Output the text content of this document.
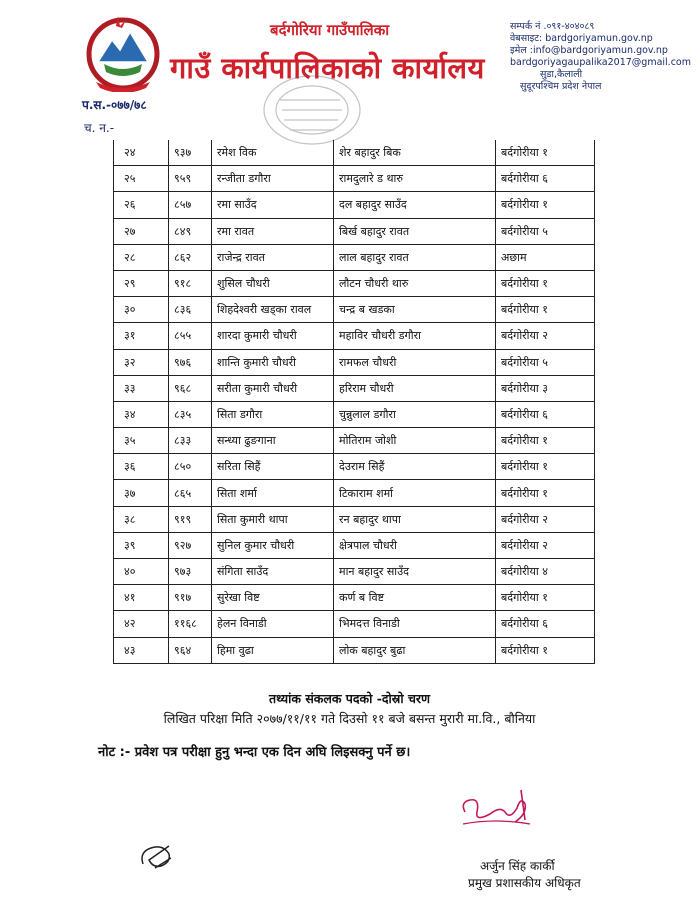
बर्दगोरिया गाउँपालिका
गाउँ कार्यपालिकाको कार्यालय
सम्पर्क नं .०९१-४०४०८९
वेबसाइट: bardgoriyamun.gov.np
इमेल :info@bardgoriyamun.gov.np
bardgoriyagaupalika2017@gmail.com
सुडा,कैलाली
सुदूरपश्चिम प्रदेश नेपाल
प.स.-०७७/७८
च. न.-
२४	९३७	रमेश विक	शेर बहादुर बिक	बर्दगोरीया १
२५	९५९	रन्जीता डगौरा	रामदुलारे ड थारु	बर्दगोरीया ६
२६	८५७	रमा साउँद	दल बहादुर साउँद	बर्दगोरीया १
२७	८४९	रमा रावत	बिर्ख बहादुर रावत	बर्दगोरीया ५
२८	८६२	राजेन्द्र रावत	लाल बहादुर रावत	अछाम
२९	९१८	शुसिल चौधरी	लौटन चौधरी थारु	बर्दगोरीया १
३०	८३६	शिहदेश्वरी खड्का रावल	चन्द्र ब खडका	बर्दगोरीया १
३१	८५५	शारदा कुमारी चौधरी	महाविर चौधरी डगौरा	बर्दगोरीया २
३२	९७६	शान्ति कुमारी चौधरी	रामफल चौधरी	बर्दगोरीया ५
३३	९६८	सरीता कुमारी चौधरी	हरिराम चौधरी	बर्दगोरीया ३
३४	८३५	सिता डगौरा	चुन्नुलाल डगौरा	बर्दगोरीया ६
३५	८३३	सन्ध्या ढुङगाना	मोतिराम जोशी	बर्दगोरीया १
३६	८५०	सरिता सिहैं	देउराम सिहैं	बर्दगोरीया १
३७	८६५	सिता शर्मा	टिकाराम शर्मा	बर्दगोरीया १
३८	९१९	सिता कुमारी थापा	रन बहादुर थापा	बर्दगोरीया २
३९	९२७	सुनिल कुमार चौधरी	क्षेत्रपाल चौधरी	बर्दगोरीया २
४०	९७३	संगिता साउँद	मान बहादुर साउँद	बर्दगोरीया ४
४१	९१७	सुरेखा विष्ट	कर्ण ब विष्ट	बर्दगोरीया १
४२	११६८	हेलन विनाडी	भिमदत्त विनाडी	बर्दगोरीया ६
४३	९६४	हिमा वुढा	लोक बहादुर बुढा	बर्दगोरीया १
तथ्यांक संकलक पदको -दोस्रो चरण
लिखित परिक्षा मिति २०७७/११/११ गते दिउसो ११ बजे बसन्त मुरारी मा.वि., बौनिया
नोट :- प्रवेश पत्र परीक्षा हुनु भन्दा एक दिन अघि लिइसक्नु पर्ने छ।
अर्जुन सिंह कार्की
प्रमुख प्रशासकीय अधिकृत
